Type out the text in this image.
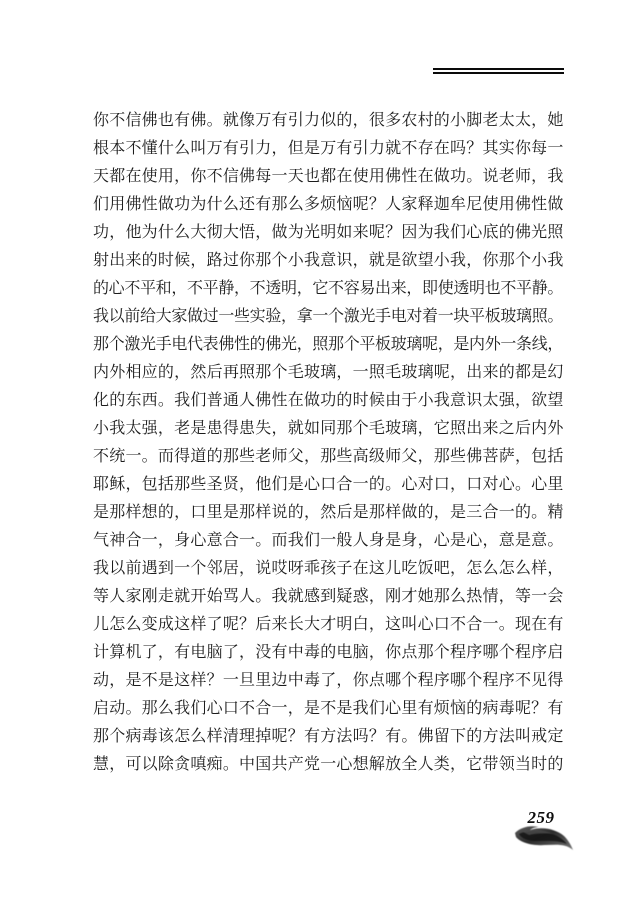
你不信佛也有佛。就像万有引力似的，很多农村的小脚老太太，她
根本不懂什么叫万有引力，但是万有引力就不存在吗？其实你每一
天都在使用，你不信佛每一天也都在使用佛性在做功。说老师，我
们用佛性做功为什么还有那么多烦恼呢？人家释迦牟尼使用佛性做
功，他为什么大彻大悟，做为光明如来呢？因为我们心底的佛光照
射出来的时候，路过你那个小我意识，就是欲望小我，你那个小我
的心不平和，不平静，不透明，它不容易出来，即使透明也不平静。
我以前给大家做过一些实验，拿一个激光手电对着一块平板玻璃照。
那个激光手电代表佛性的佛光，照那个平板玻璃呢，是内外一条线，
内外相应的，然后再照那个毛玻璃，一照毛玻璃呢，出来的都是幻
化的东西。我们普通人佛性在做功的时候由于小我意识太强，欲望
小我太强，老是患得患失，就如同那个毛玻璃，它照出来之后内外
不统一。而得道的那些老师父，那些高级师父，那些佛菩萨，包括
耶稣，包括那些圣贤，他们是心口合一的。心对口，口对心。心里
是那样想的，口里是那样说的，然后是那样做的，是三合一的。精
气神合一，身心意合一。而我们一般人身是身，心是心，意是意。
我以前遇到一个邻居，说哎呀乖孩子在这儿吃饭吧，怎么怎么样，
等人家刚走就开始骂人。我就感到疑惑，刚才她那么热情，等一会
儿怎么变成这样了呢？后来长大才明白，这叫心口不合一。现在有
计算机了，有电脑了，没有中毒的电脑，你点那个程序哪个程序启
动，是不是这样？一旦里边中毒了，你点哪个程序哪个程序不见得
启动。那么我们心口不合一，是不是我们心里有烦恼的病毒呢？有
那个病毒该怎么样清理掉呢？有方法吗？有。佛留下的方法叫戒定
慧，可以除贪嗔痴。中国共产党一心想解放全人类，它带领当时的
259
